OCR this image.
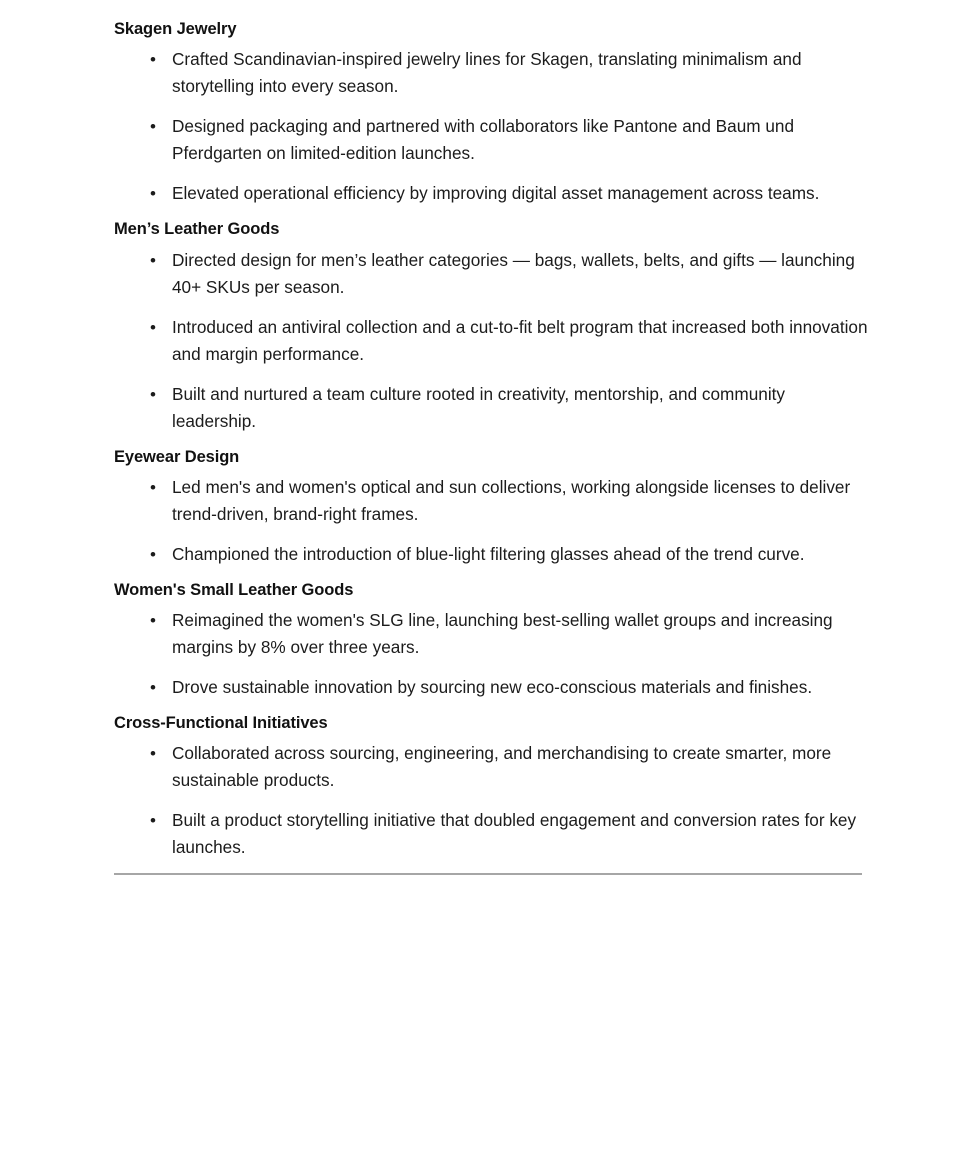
Skagen Jewelry
• Crafted Scandinavian-inspired jewelry lines for Skagen, translating minimalism and storytelling into every season.
• Designed packaging and partnered with collaborators like Pantone and Baum und Pferdgarten on limited-edition launches.
• Elevated operational efficiency by improving digital asset management across teams.
Men’s Leather Goods
• Directed design for men’s leather categories — bags, wallets, belts, and gifts — launching 40+ SKUs per season.
• Introduced an antiviral collection and a cut-to-fit belt program that increased both innovation and margin performance.
• Built and nurtured a team culture rooted in creativity, mentorship, and community leadership.
Eyewear Design
• Led men's and women's optical and sun collections, working alongside licenses to deliver trend-driven, brand-right frames.
• Championed the introduction of blue-light filtering glasses ahead of the trend curve.
Women's Small Leather Goods
• Reimagined the women's SLG line, launching best-selling wallet groups and increasing margins by 8% over three years.
• Drove sustainable innovation by sourcing new eco-conscious materials and finishes.
Cross-Functional Initiatives
• Collaborated across sourcing, engineering, and merchandising to create smarter, more sustainable products.
• Built a product storytelling initiative that doubled engagement and conversion rates for key launches.
